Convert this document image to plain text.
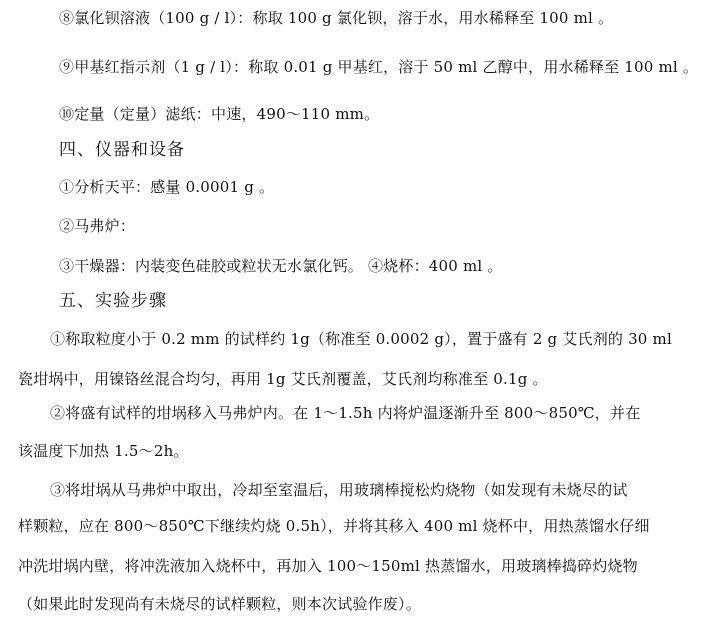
⑧氯化钡溶液（100 g / l）：称取 100 g 氯化钡，溶于水，用水稀释至 100 ml 。
⑨甲基红指示剂（1 g / l）：称取 0.01 g 甲基红，溶于 50 ml 乙醇中，用水稀释至 100 ml 。
⑩定量（定量）滤纸：中速，490～110 mm。
四、仪器和设备
①分析天平：感量 0.0001 g 。
②马弗炉：
③干燥器：内装变色硅胶或粒状无水氯化钙。 ④烧杯：400 ml 。
五、实验步骤
①称取粒度小于 0.2 mm 的试样约 1g（称准至 0.0002 g），置于盛有 2 g 艾氏剂的 30 ml
瓷坩埚中，用镍铬丝混合均匀，再用 1g 艾氏剂覆盖，艾氏剂均称准至 0.1g 。
②将盛有试样的坩埚移入马弗炉内。在 1～1.5h 内将炉温逐渐升至 800～850℃，并在
该温度下加热 1.5～2h。
③将坩埚从马弗炉中取出，冷却至室温后，用玻璃棒搅松灼烧物（如发现有未烧尽的试
样颗粒，应在 800～850℃下继续灼烧 0.5h），并将其移入 400 ml 烧杯中，用热蒸馏水仔细
冲洗坩埚内壁，将冲洗液加入烧杯中，再加入 100～150ml 热蒸馏水，用玻璃棒捣碎灼烧物
（如果此时发现尚有未烧尽的试样颗粒，则本次试验作废）。
